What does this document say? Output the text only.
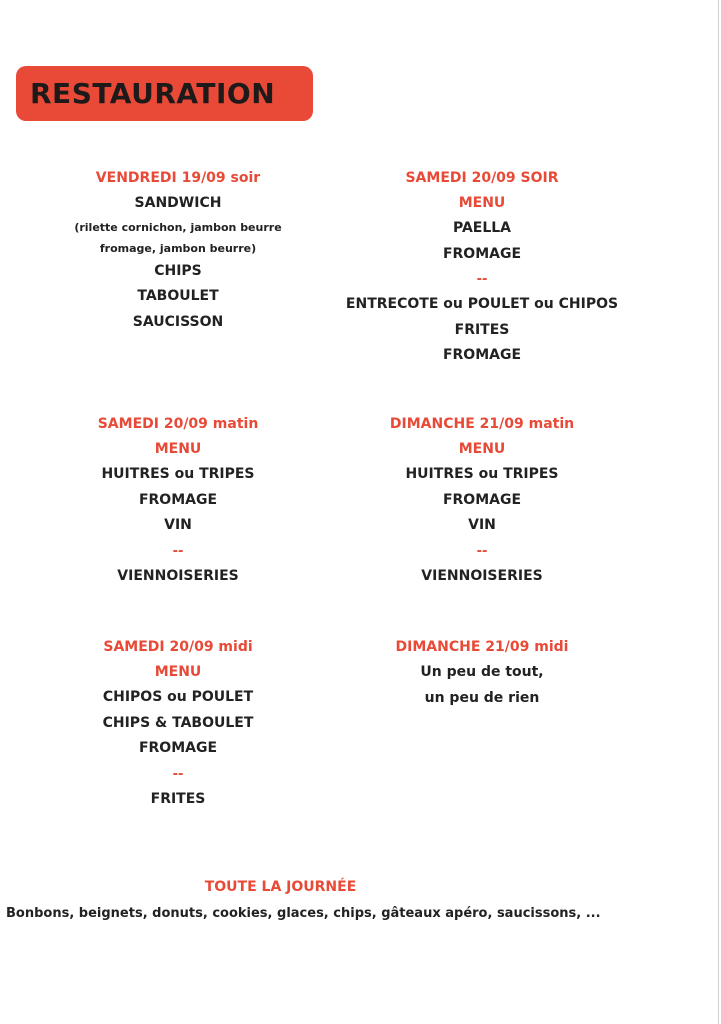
RESTAURATION
VENDREDI 19/09 soir
SANDWICH
(rilette cornichon, jambon beurre
fromage, jambon beurre)
CHIPS
TABOULET
SAUCISSON
SAMEDI 20/09 SOIR
MENU
PAELLA
FROMAGE
--
ENTRECOTE ou POULET ou CHIPOS
FRITES
FROMAGE
SAMEDI 20/09 matin
MENU
HUITRES ou TRIPES
FROMAGE
VIN
--
VIENNOISERIES
DIMANCHE 21/09 matin
MENU
HUITRES ou TRIPES
FROMAGE
VIN
--
VIENNOISERIES
SAMEDI 20/09 midi
MENU
CHIPOS ou POULET
CHIPS & TABOULET
FROMAGE
--
FRITES
DIMANCHE 21/09 midi
Un peu de tout,
un peu de rien
TOUTE LA JOURNÉE
Bonbons, beignets, donuts, cookies, glaces, chips, gâteaux apéro, saucissons, ...
